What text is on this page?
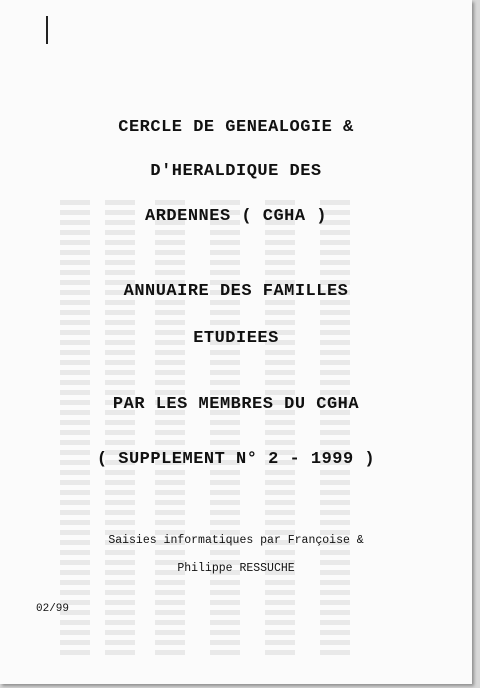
CERCLE DE GENEALOGIE &
D'HERALDIQUE DES
ARDENNES ( CGHA )
ANNUAIRE DES FAMILLES
ETUDIEES
PAR LES MEMBRES DU CGHA
( SUPPLEMENT N° 2 - 1999 )
Saisies informatiques par Françoise &
Philippe RESSUCHE
02/99
